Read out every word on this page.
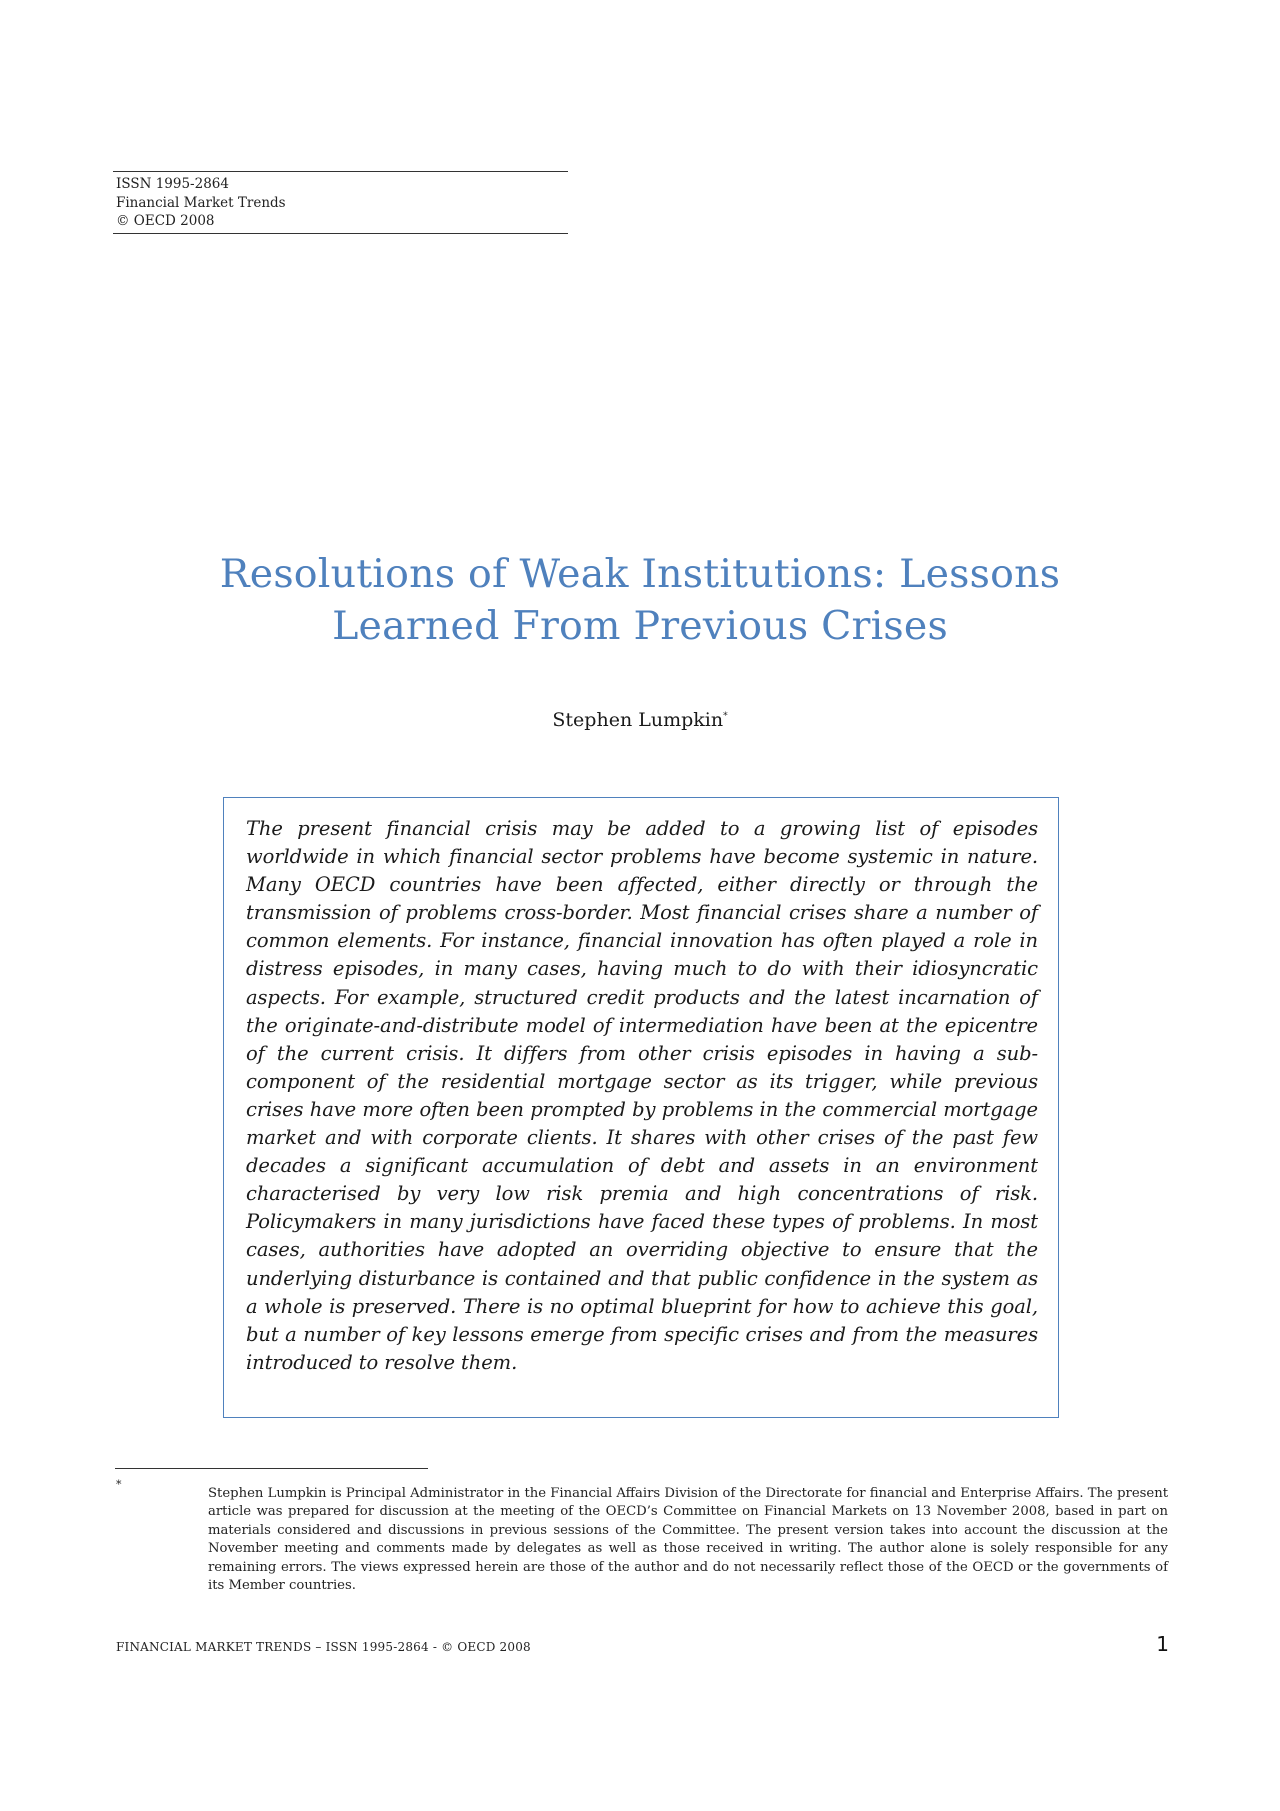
ISSN 1995-2864
Financial Market Trends
© OECD 2008
Resolutions of Weak Institutions: Lessons Learned From Previous Crises
Stephen Lumpkin*

The present financial crisis may be added to a growing list of episodes worldwide in which financial sector problems have become systemic in nature. Many OECD countries have been affected, either directly or through the transmission of problems cross-border. Most financial crises share a number of common elements. For instance, financial innovation has often played a role in distress episodes, in many cases, having much to do with their idiosyncratic aspects. For example, structured credit products and the latest incarnation of the originate-and-distribute model of intermediation have been at the epicentre of the current crisis. It differs from other crisis episodes in having a sub-component of the residential mortgage sector as its trigger, while previous crises have more often been prompted by problems in the commercial mortgage market and with corporate clients. It shares with other crises of the past few decades a significant accumulation of debt and assets in an environment characterised by very low risk premia and high concentrations of risk. Policymakers in many jurisdictions have faced these types of problems. In most cases, authorities have adopted an overriding objective to ensure that the underlying disturbance is contained and that public confidence in the system as a whole is preserved. There is no optimal blueprint for how to achieve this goal, but a number of key lessons emerge from specific crises and from the measures introduced to resolve them.

*

Stephen Lumpkin is Principal Administrator in the Financial Affairs Division of the Directorate for financial and Enterprise Affairs. The present article was prepared for discussion at the meeting of the OECD’s Committee on Financial Markets on 13 November 2008, based in part on materials considered and discussions in previous sessions of the Committee. The present version takes into account the discussion at the November meeting and comments made by delegates as well as those received in writing. The author alone is solely responsible for any remaining errors. The views expressed herein are those of the author and do not necessarily reflect those of the OECD or the governments of its Member countries.

FINANCIAL MARKET TRENDS – ISSN 1995-2864 - © OECD 2008	1
